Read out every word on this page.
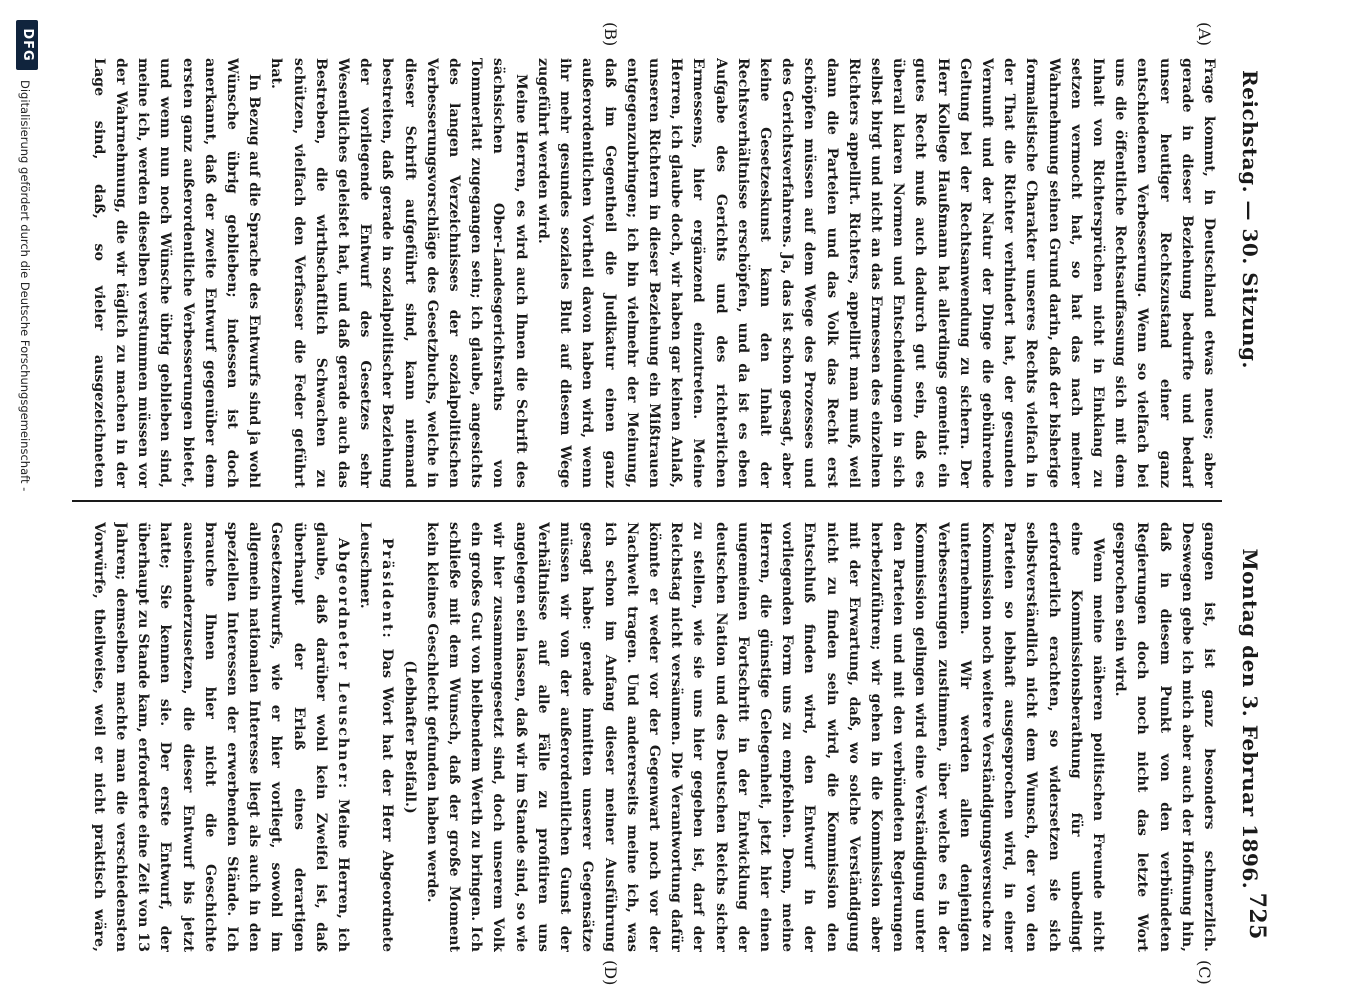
Reichstag. — 30. Sitzung.
Montag den 3. Februar 1896.
725
(A)
(B)
(C)
(D)

Frage kommt, in Deutschland etwas neues; aber gerade in dieser Beziehung bedurfte und bedarf unser heutiger Rechtszustand einer ganz entschiedenen Verbesserung. Wenn so vielfach bei uns die öffentliche Rechtsauffassung sich mit dem Inhalt von Richtersprüchen nicht in Einklang zu setzen vermocht hat, so hat das nach meiner Wahrnehmung seinen Grund darin, daß der bisherige formalistische Charakter unseres Rechts vielfach in der That die Richter verhindert hat, der gesunden Vernunft und der Natur der Dinge die gebührende Geltung bei der Rechtsanwendung zu sichern. Der Herr Kollege Haußmann hat allerdings gemeint: ein gutes Recht muß auch dadurch gut sein, daß es überall klaren Normen und Entscheidungen in sich selbst birgt und nicht an das Ermessen des einzelnen Richters appellirt. Richters, appellirt man muß, weil dann die Parteien und das Volk das Recht erst schöpfen müssen auf dem Wege des Prozesses und des Gerichtsverfahrens. Ja, das ist schon gesagt, aber keine Gesetzeskunst kann den Inhalt der Rechtsverhältnisse erschöpfen, und da ist es eben Aufgabe des Gerichts und des richterlichen Ermessens, hier ergänzend einzutreten. Meine Herren, ich glaube doch, wir haben gar keinen Anlaß, unseren Richtern in dieser Beziehung ein Mißtrauen entgegenzubringen; ich bin vielmehr der Meinung, daß im Gegentheil die Judikatur einen ganz außerordentlichen Vortheil davon haben wird, wenn ihr mehr gesundes soziales Blut auf diesem Wege zugeführt werden wird.

Meine Herren, es wird auch Ihnen die Schrift des sächsischen Ober-Landesgerichtsraths von Tommerlatt zugegangen sein; ich glaube, angesichts des langen Verzeichnisses der sozialpolitischen Verbesserungsvorschläge des Gesetzbuchs, welche in dieser Schrift aufgeführt sind, kann niemand bestreiten, daß gerade in sozialpolitischer Beziehung der vorliegende Entwurf des Gesetzes sehr Wesentliches geleistet hat, und daß gerade auch das Bestreben, die wirthschaftlich Schwachen zu schützen, vielfach den Verfasser die Feder geführt hat.

In Bezug auf die Sprache des Entwurfs sind ja wohl Wünsche übrig geblieben; indessen ist doch anerkannt, daß der zweite Entwurf gegenüber dem ersten ganz außerordentliche Verbesserungen bietet, und wenn nun noch Wünsche übrig geblieben sind, meine ich, werden dieselben verstummen müssen vor der Wahrnehmung, die wir täglich zu machen in der Lage sind, daß, so vieler ausgezeichneten

gangen ist, ist ganz besonders schmerzlich. Deswegen gebe ich mich aber auch der Hoffnung hin, daß in diesem Punkt von den verbündeten Regierungen doch noch nicht das letzte Wort gesprochen sein wird.

Wenn meine näheren politischen Freunde nicht eine Kommissionsberathung für unbedingt erforderlich erachten, so widersetzen sie sich selbstverständlich nicht dem Wunsch, der von den Parteien so lebhaft ausgesprochen wird, in einer Kommission noch weitere Verständigungsversuche zu unternehmen. Wir werden allen denjenigen Verbesserungen zustimmen, über welche es in der Kommission gelingen wird eine Verständigung unter den Parteien und mit den verbündeten Regierungen herbeizuführen; wir gehen in die Kommission aber mit der Erwartung, daß, wo solche Verständigung nicht zu finden sein wird, die Kommission den Entschluß finden wird, den Entwurf in der vorliegenden Form uns zu empfehlen. Denn, meine Herren, die günstige Gelegenheit, jetzt hier einen ungemeinen Fortschritt in der Entwicklung der deutschen Nation und des Deutschen Reichs sicher zu stellen, wie sie uns hier gegeben ist, darf der Reichstag nicht versäumen. Die Verantwortung dafür könnte er weder vor der Gegenwart noch vor der Nachwelt tragen. Und andererseits meine ich, was ich schon im Anfang dieser meiner Ausführung gesagt habe: gerade inmitten unserer Gegensätze müssen wir von der außerordentlichen Gunst der Verhältnisse auf alle Fälle zu profitiren uns angelegen sein lassen, daß wir im Stande sind, so wie wir hier zusammengesetzt sind, doch unserem Volk ein großes Gut von bleibendem Werth zu bringen. Ich schließe mit dem Wunsch, daß der große Moment kein kleines Geschlecht gefunden haben werde.

(Lebhafter Beifall.)

Präsident: Das Wort hat der Herr Abgeordnete Leuschner.

Abgeordneter Leuschner: Meine Herren, ich glaube, daß darüber wohl kein Zweifel ist, daß überhaupt der Erlaß eines derartigen Gesetzentwurfs, wie er hier vorliegt, sowohl im allgemein nationalen Interesse liegt als auch in den speziellen Interessen der erwerbenden Stände. Ich brauche Ihnen hier nicht die Geschichte auseinanderzusetzen, die dieser Entwurf bis jetzt hatte; Sie kennen sie. Der erste Entwurf, der überhaupt zu Stande kam, erforderte eine Zeit von 13 Jahren; demselben machte man die verschiedensten Vorwürfe, theilweise, weil er nicht praktisch wäre,

Digitalisierung gefördert durch die Deutsche Forschungsgemeinschaft -
DFG
